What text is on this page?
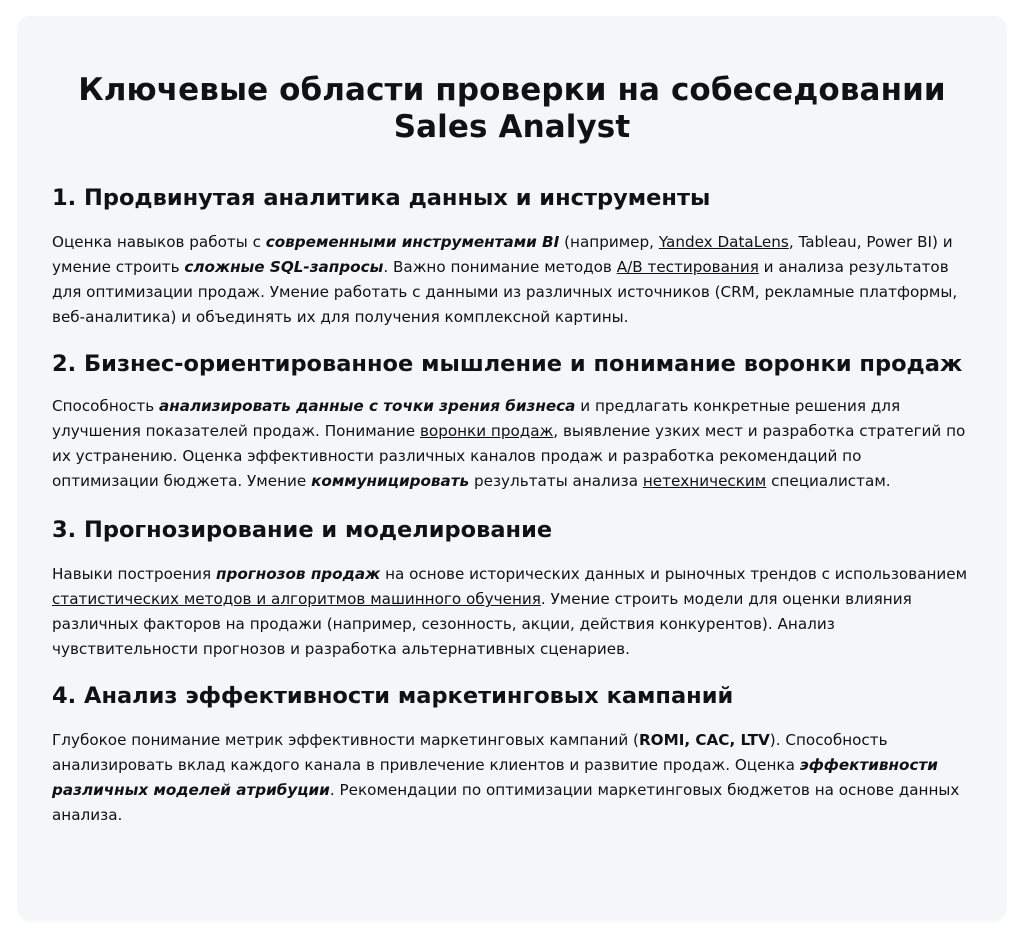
Ключевые области проверки на собеседовании
Sales Analyst
1. Продвинутая аналитика данных и инструменты

Оценка навыков работы с современными инструментами BI (например, Yandex DataLens, Tableau, Power BI) и умение строить сложные SQL-запросы. Важно понимание методов A/B тестирования и анализа результатов для оптимизации продаж. Умение работать с данными из различных источников (CRM, рекламные платформы, веб-аналитика) и объединять их для получения комплексной картины.

2. Бизнес-ориентированное мышление и понимание воронки продаж

Способность анализировать данные с точки зрения бизнеса и предлагать конкретные решения для улучшения показателей продаж. Понимание воронки продаж, выявление узких мест и разработка стратегий по их устранению. Оценка эффективности различных каналов продаж и разработка рекомендаций по оптимизации бюджета. Умение коммуницировать результаты анализа нетехническим специалистам.

3. Прогнозирование и моделирование

Навыки построения прогнозов продаж на основе исторических данных и рыночных трендов с использованием статистических методов и алгоритмов машинного обучения. Умение строить модели для оценки влияния различных факторов на продажи (например, сезонность, акции, действия конкурентов). Анализ чувствительности прогнозов и разработка альтернативных сценариев.

4. Анализ эффективности маркетинговых кампаний

Глубокое понимание метрик эффективности маркетинговых кампаний (ROMI, CAC, LTV). Способность анализировать вклад каждого канала в привлечение клиентов и развитие продаж. Оценка эффективности различных моделей атрибуции. Рекомендации по оптимизации маркетинговых бюджетов на основе данных анализа.
